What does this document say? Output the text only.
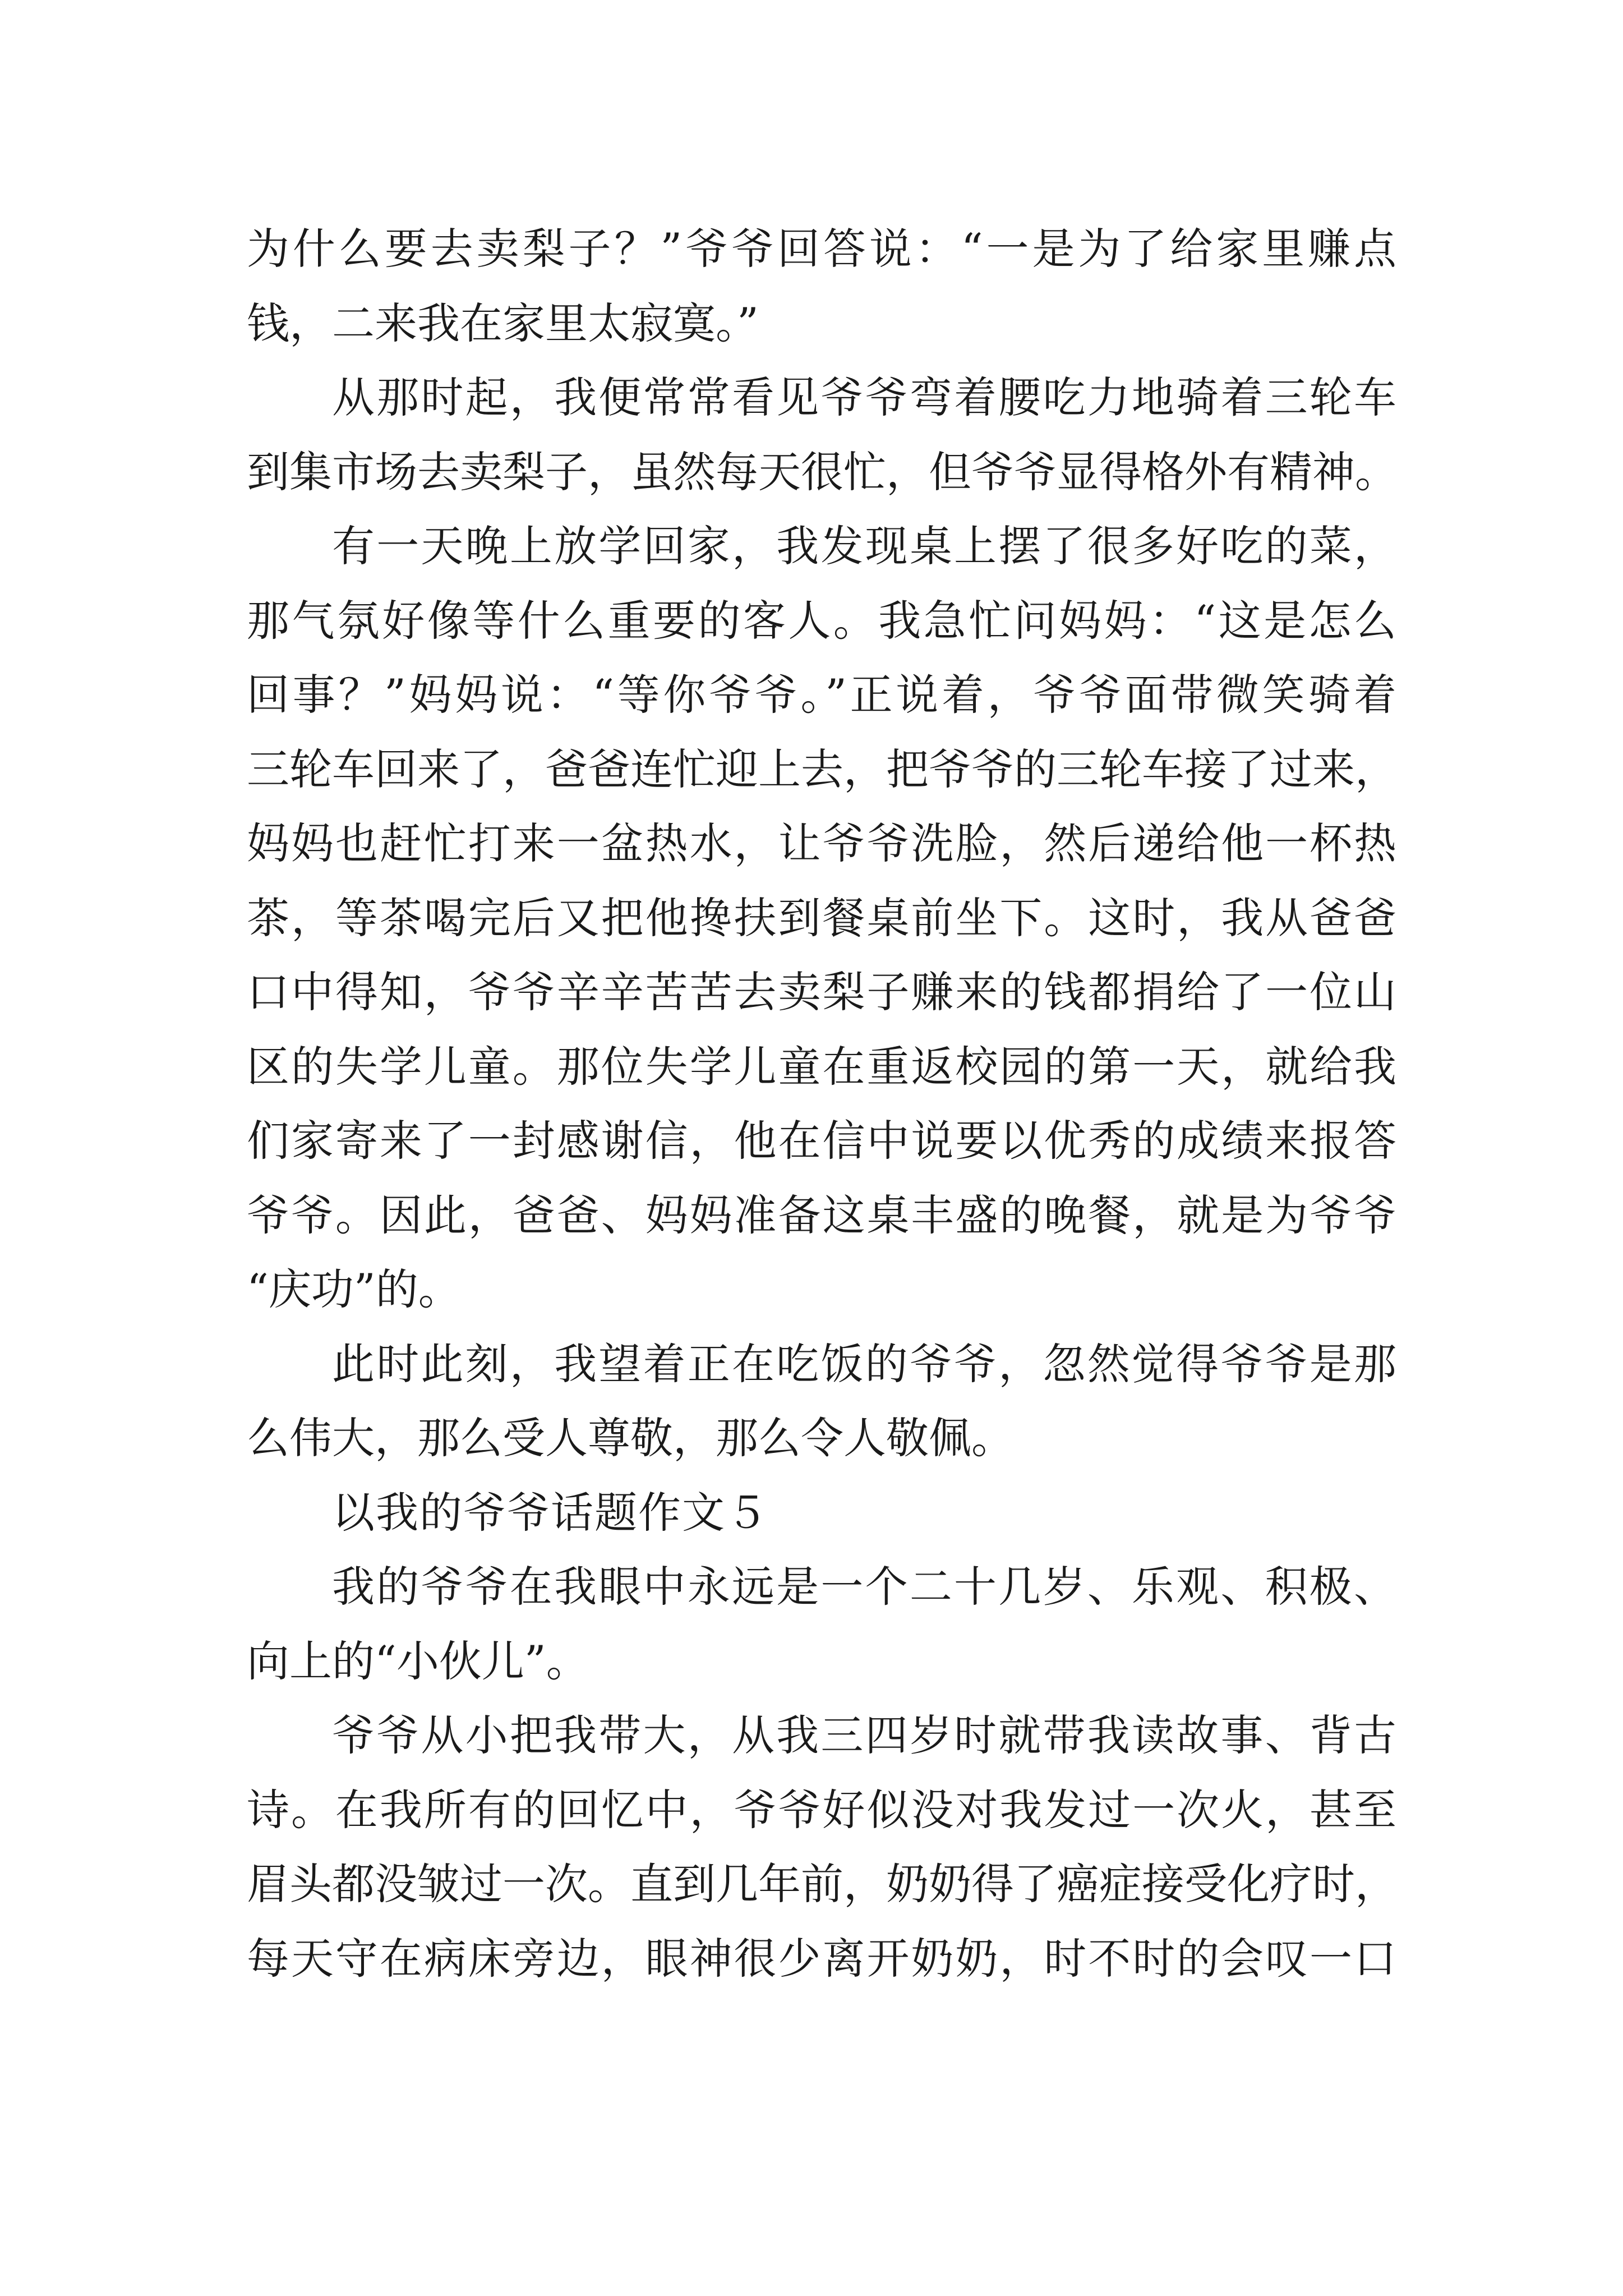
为什么要去卖梨子？”爷爷回答说：“一是为了给家里赚点
钱，二来我在家里太寂寞。”
从那时起，我便常常看见爷爷弯着腰吃力地骑着三轮车
到集市场去卖梨子，虽然每天很忙，但爷爷显得格外有精神。
有一天晚上放学回家，我发现桌上摆了很多好吃的菜，
那气氛好像等什么重要的客人。我急忙问妈妈：“这是怎么
回事？”妈妈说：“等你爷爷。”正说着，爷爷面带微笑骑着
三轮车回来了，爸爸连忙迎上去，把爷爷的三轮车接了过来，
妈妈也赶忙打来一盆热水，让爷爷洗脸，然后递给他一杯热
茶，等茶喝完后又把他搀扶到餐桌前坐下。这时，我从爸爸
口中得知，爷爷辛辛苦苦去卖梨子赚来的钱都捐给了一位山
区的失学儿童。那位失学儿童在重返校园的第一天，就给我
们家寄来了一封感谢信，他在信中说要以优秀的成绩来报答
爷爷。因此，爸爸、妈妈准备这桌丰盛的晚餐，就是为爷爷
“庆功”的。
此时此刻，我望着正在吃饭的爷爷，忽然觉得爷爷是那
么伟大，那么受人尊敬，那么令人敬佩。
以我的爷爷话题作文５
我的爷爷在我眼中永远是一个二十几岁、乐观、积极、
向上的“小伙儿”。
爷爷从小把我带大，从我三四岁时就带我读故事、背古
诗。在我所有的回忆中，爷爷好似没对我发过一次火，甚至
眉头都没皱过一次。直到几年前，奶奶得了癌症接受化疗时，
每天守在病床旁边，眼神很少离开奶奶，时不时的会叹一口
